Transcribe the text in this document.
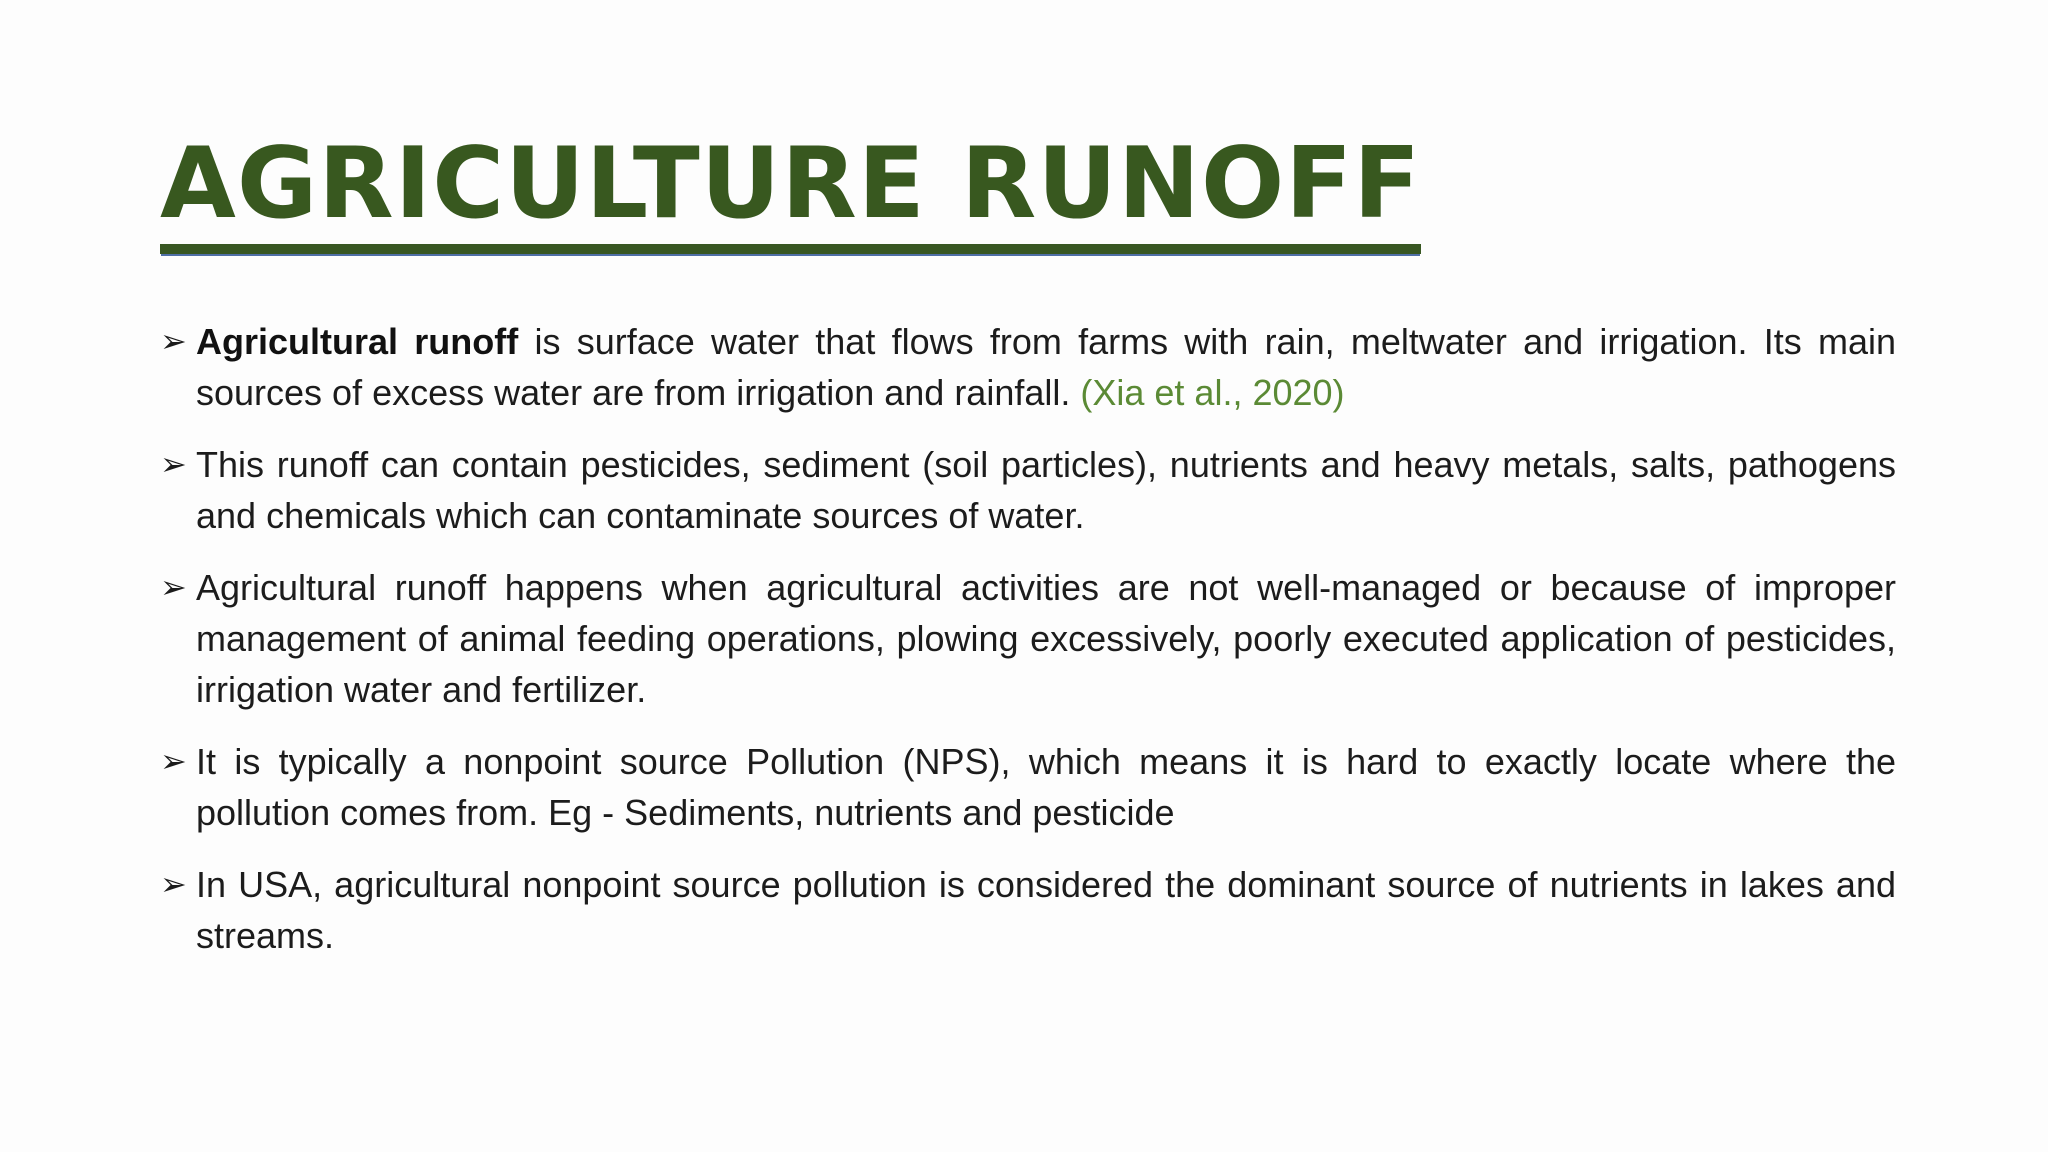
AGRICULTURE RUNOFF
➢ Agricultural runoff is surface water that flows from farms with rain, meltwater and irrigation. Its main sources of excess water are from irrigation and rainfall. (Xia et al., 2020)
➢ This runoff can contain pesticides, sediment (soil particles), nutrients and heavy metals, salts, pathogens and chemicals which can contaminate sources of water.
➢ Agricultural runoff happens when agricultural activities are not well-managed or because of improper management of animal feeding operations, plowing excessively, poorly executed application of pesticides, irrigation water and fertilizer.
➢ It is typically a nonpoint source Pollution (NPS), which means it is hard to exactly locate where the pollution comes from. Eg - Sediments, nutrients and pesticide
➢ In USA, agricultural nonpoint source pollution is considered the dominant source of nutrients in lakes and streams.
